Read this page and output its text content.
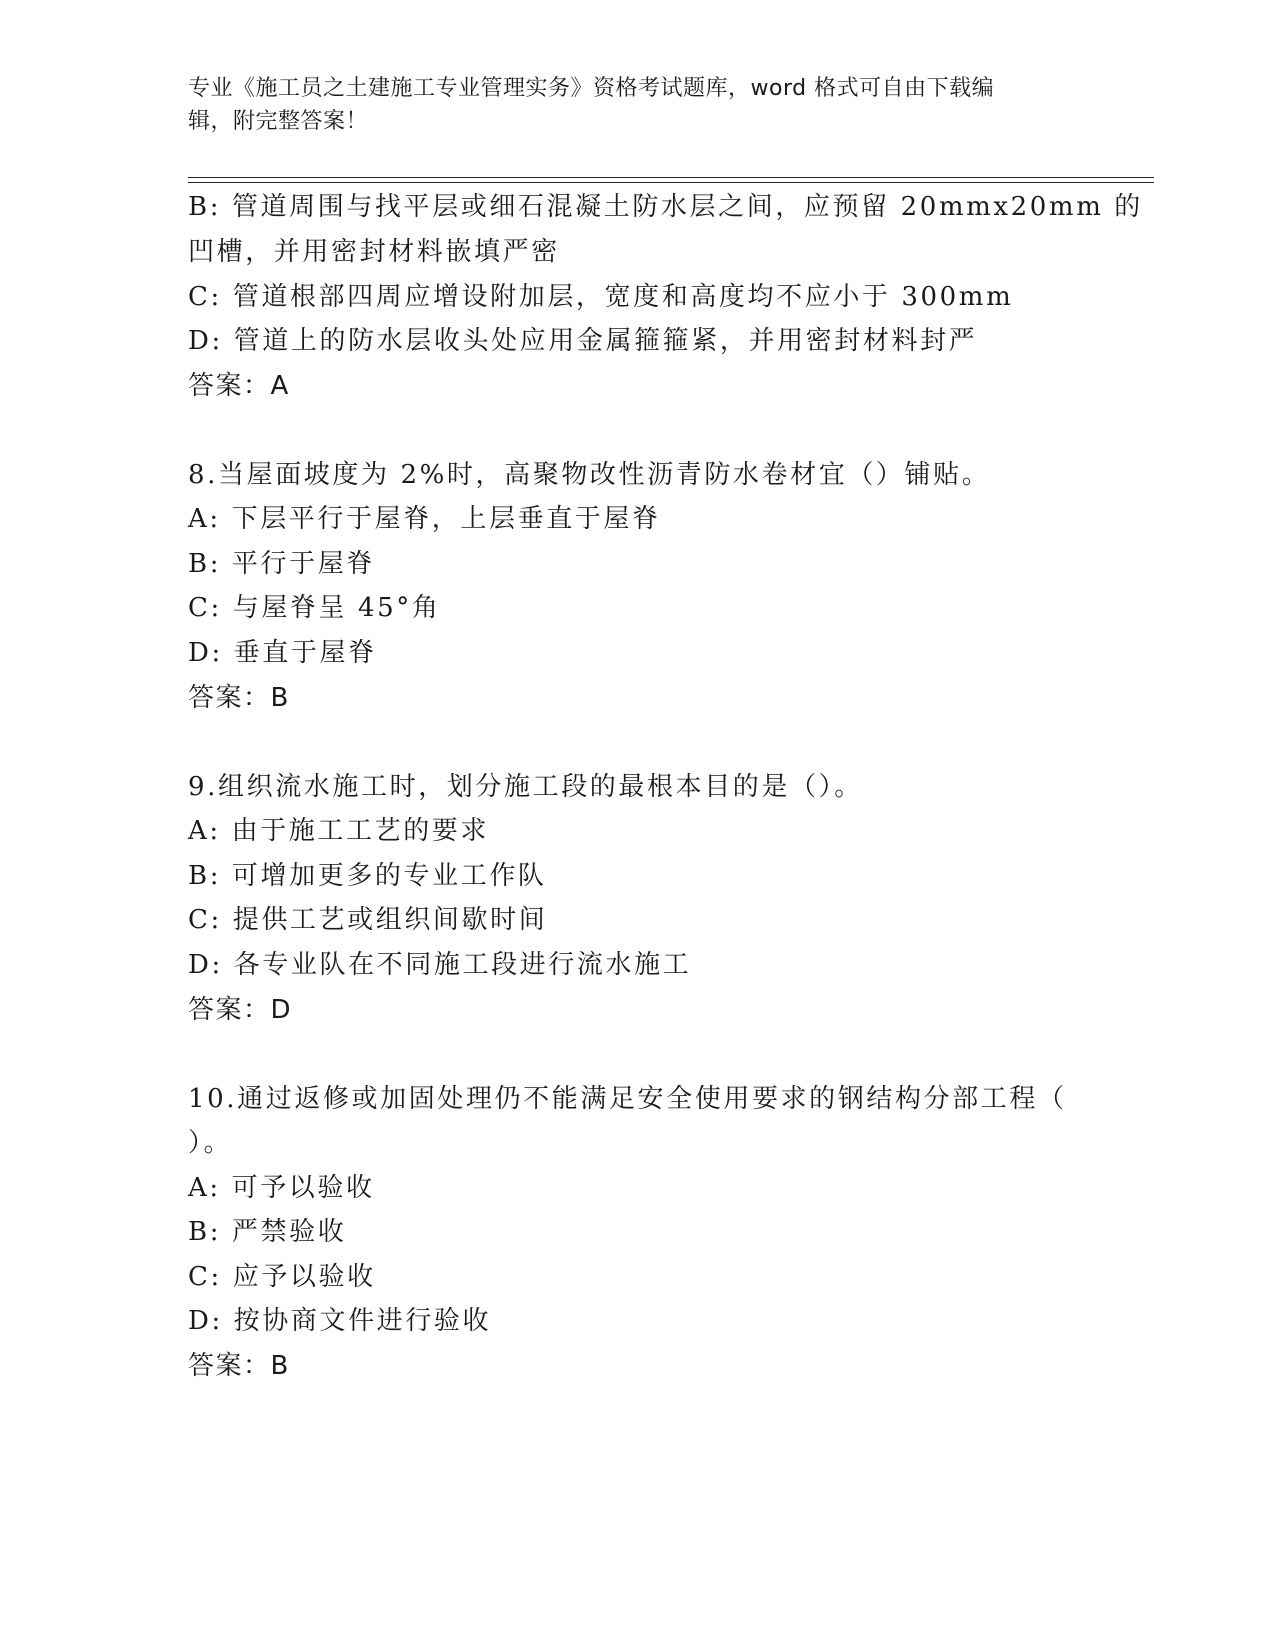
专业《施工员之土建施工专业管理实务》资格考试题库，word 格式可自由下载编
辑，附完整答案！
B: 管道周围与找平层或细石混凝土防水层之间，应预留 20mmx20mm 的
凹槽，并用密封材料嵌填严密
C: 管道根部四周应增设附加层，宽度和高度均不应小于 300mm
D: 管道上的防水层收头处应用金属箍箍紧，并用密封材料封严
答案：A
8.当屋面坡度为 2%时，高聚物改性沥青防水卷材宜（）铺贴。
A: 下层平行于屋脊，上层垂直于屋脊
B: 平行于屋脊
C: 与屋脊呈 45°角
D: 垂直于屋脊
答案：B
9.组织流水施工时，划分施工段的最根本目的是（）。
A: 由于施工工艺的要求
B: 可增加更多的专业工作队
C: 提供工艺或组织间歇时间
D: 各专业队在不同施工段进行流水施工
答案：D
10.通过返修或加固处理仍不能满足安全使用要求的钢结构分部工程（
）。
A: 可予以验收
B: 严禁验收
C: 应予以验收
D: 按协商文件进行验收
答案：B
